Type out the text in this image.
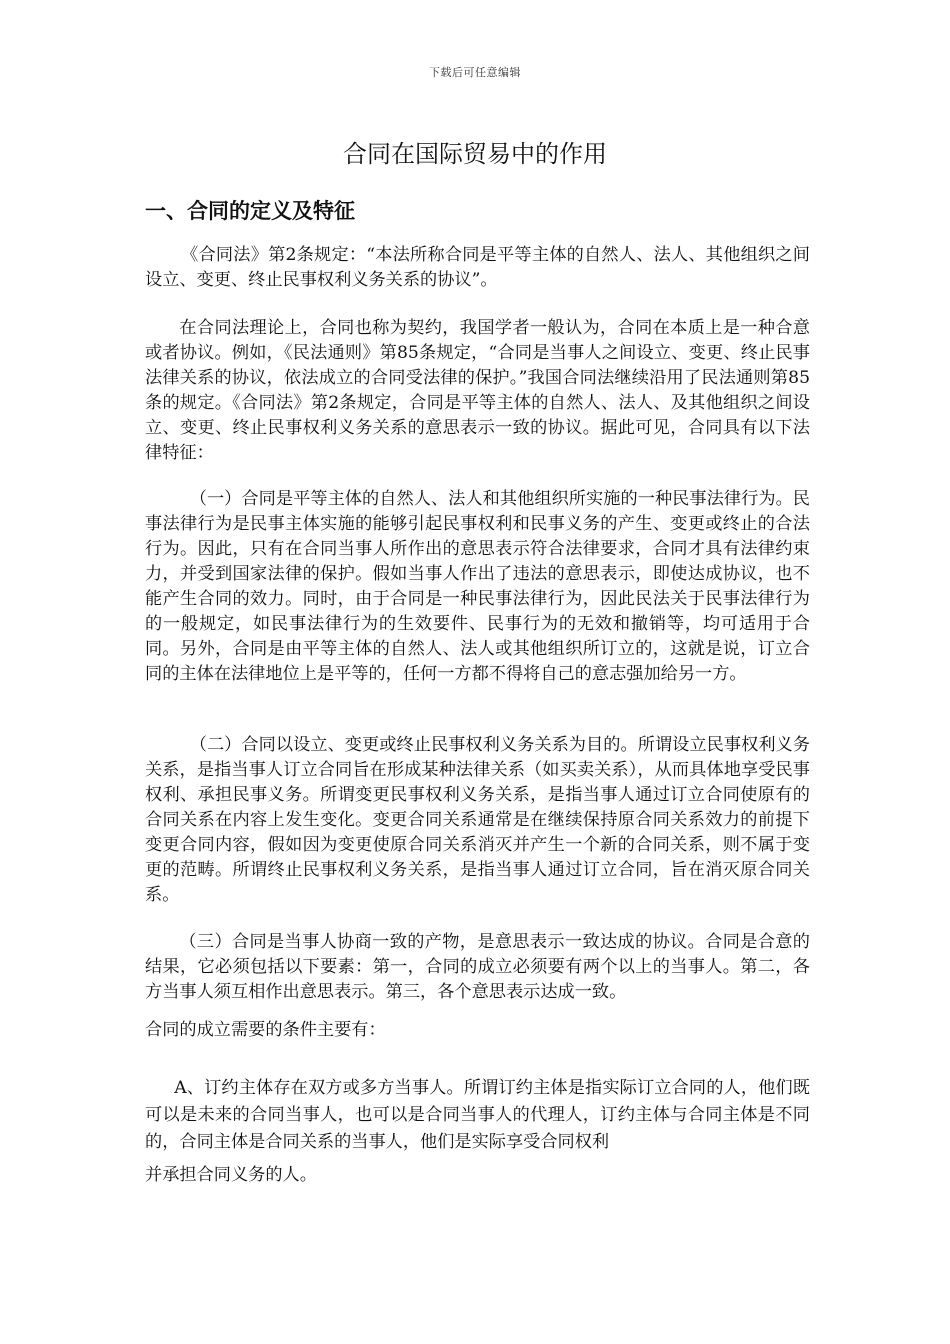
下载后可任意编辑
合同在国际贸易中的作用
一、合同的定义及特征

《合同法》第2条规定：“本法所称合同是平等主体的自然人、法人、其他组织之间设立、变更、终止民事权利义务关系的协议”。

在合同法理论上，合同也称为契约，我国学者一般认为，合同在本质上是一种合意或者协议。例如，《民法通则》第85条规定，“合同是当事人之间设立、变更、终止民事法律关系的协议，依法成立的合同受法律的保护。”我国合同法继续沿用了民法通则第85条的规定。《合同法》第2条规定，合同是平等主体的自然人、法人、及其他组织之间设立、变更、终止民事权利义务关系的意思表示一致的协议。据此可见，合同具有以下法律特征：

（一）合同是平等主体的自然人、法人和其他组织所实施的一种民事法律行为。民事法律行为是民事主体实施的能够引起民事权利和民事义务的产生、变更或终止的合法行为。因此，只有在合同当事人所作出的意思表示符合法律要求，合同才具有法律约束力，并受到国家法律的保护。假如当事人作出了违法的意思表示，即使达成协议，也不能产生合同的效力。同时，由于合同是一种民事法律行为，因此民法关于民事法律行为的一般规定，如民事法律行为的生效要件、民事行为的无效和撤销等，均可适用于合同。另外，合同是由平等主体的自然人、法人或其他组织所订立的，这就是说，订立合同的主体在法律地位上是平等的，任何一方都不得将自己的意志强加给另一方。

（二）合同以设立、变更或终止民事权利义务关系为目的。所谓设立民事权利义务关系，是指当事人订立合同旨在形成某种法律关系（如买卖关系），从而具体地享受民事权利、承担民事义务。所谓变更民事权利义务关系，是指当事人通过订立合同使原有的合同关系在内容上发生变化。变更合同关系通常是在继续保持原合同关系效力的前提下变更合同内容，假如因为变更使原合同关系消灭并产生一个新的合同关系，则不属于变更的范畴。所谓终止民事权利义务关系，是指当事人通过订立合同，旨在消灭原合同关系。

（三）合同是当事人协商一致的产物，是意思表示一致达成的协议。合同是合意的结果，它必须包括以下要素：第一，合同的成立必须要有两个以上的当事人。第二，各方当事人须互相作出意思表示。第三，各个意思表示达成一致。

合同的成立需要的条件主要有：

A、订约主体存在双方或多方当事人。所谓订约主体是指实际订立合同的人，他们既可以是未来的合同当事人，也可以是合同当事人的代理人，订约主体与合同主体是不同的，合同主体是合同关系的当事人，他们是实际享受合同权利

并承担合同义务的人。
